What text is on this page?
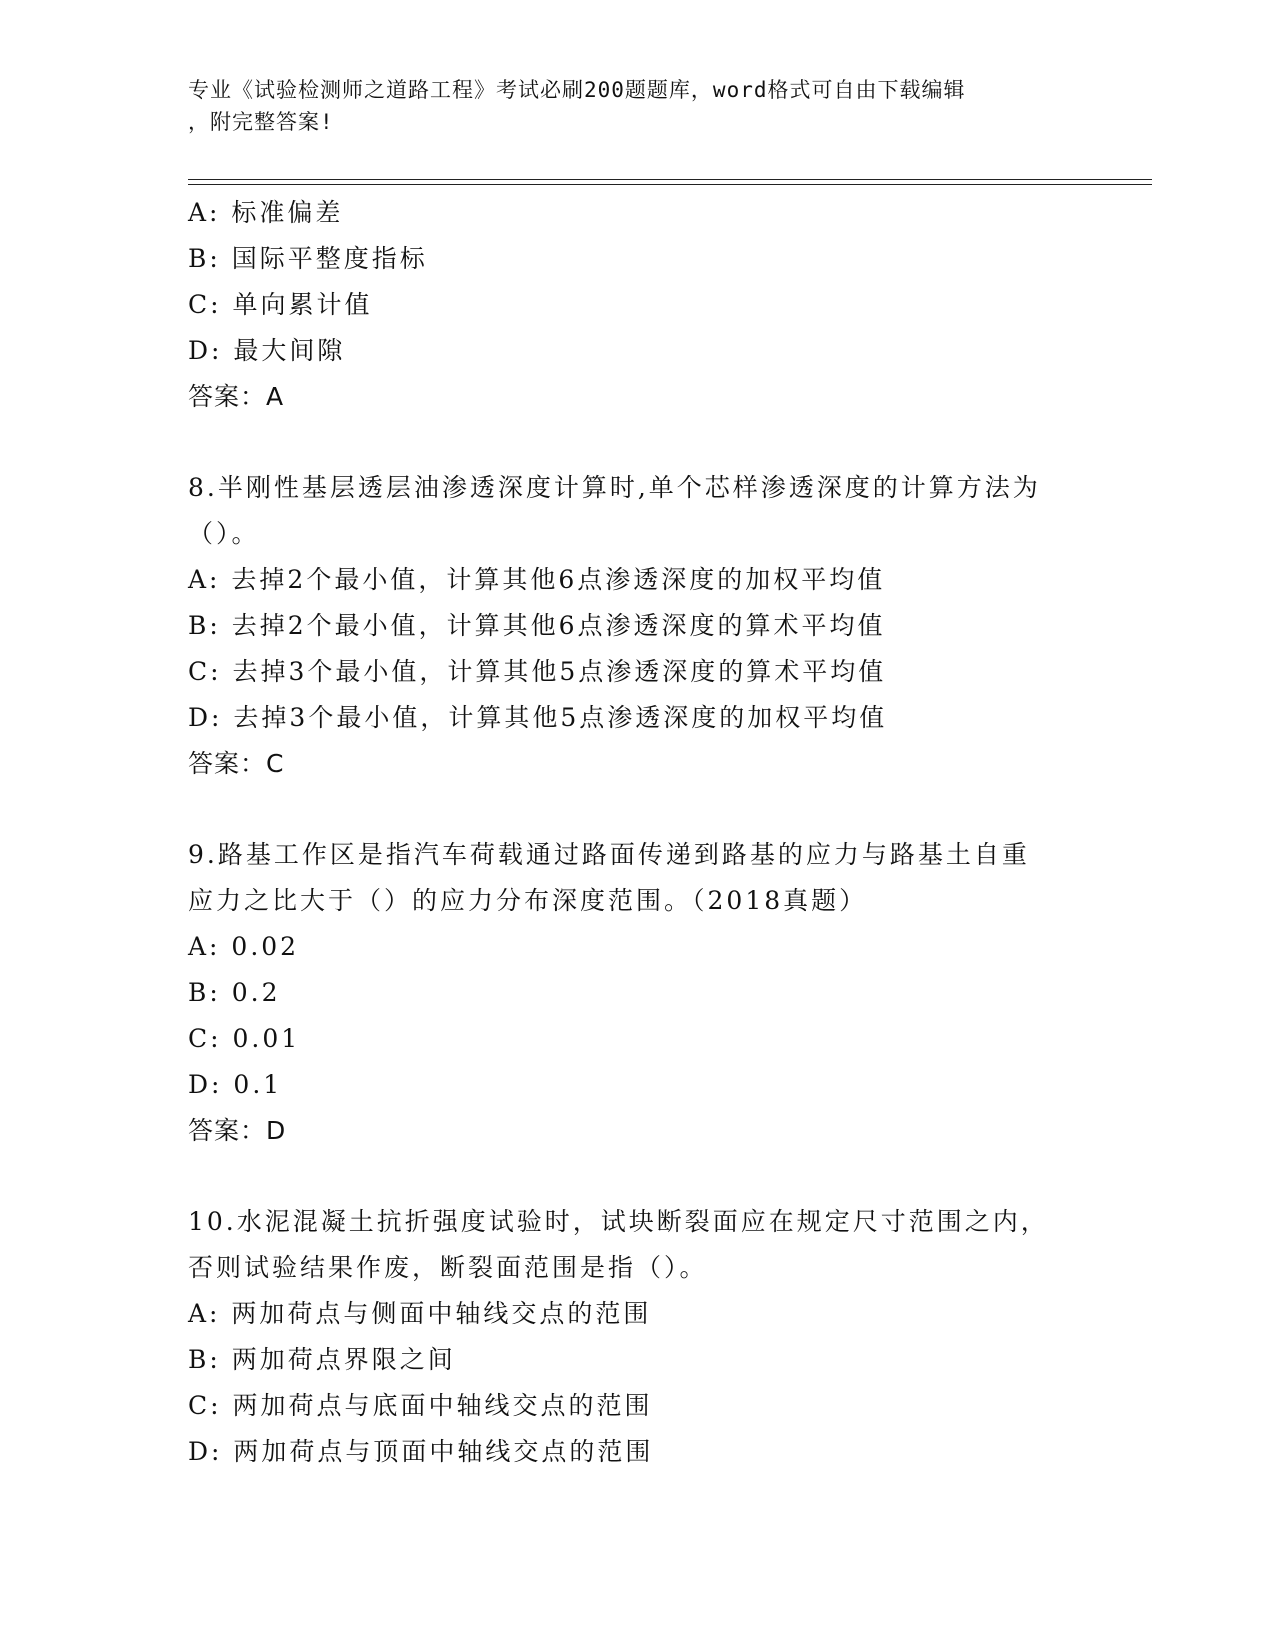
专业《试验检测师之道路工程》考试必刷200题题库，word格式可自由下载编辑
，附完整答案!
A: 标准偏差
B: 国际平整度指标
C: 单向累计值
D: 最大间隙
答案：A
8.半刚性基层透层油渗透深度计算时,单个芯样渗透深度的计算方法为
（）。
A: 去掉2个最小值，计算其他6点渗透深度的加权平均值
B: 去掉2个最小值，计算其他6点渗透深度的算术平均值
C: 去掉3个最小值，计算其他5点渗透深度的算术平均值
D: 去掉3个最小值，计算其他5点渗透深度的加权平均值
答案：C
9.路基工作区是指汽车荷载通过路面传递到路基的应力与路基土自重
应力之比大于（）的应力分布深度范围。（2018真题）
A: 0.02
B: 0.2
C: 0.01
D: 0.1
答案：D
10.水泥混凝土抗折强度试验时，试块断裂面应在规定尺寸范围之内，
否则试验结果作废，断裂面范围是指（）。
A: 两加荷点与侧面中轴线交点的范围
B: 两加荷点界限之间
C: 两加荷点与底面中轴线交点的范围
D: 两加荷点与顶面中轴线交点的范围
